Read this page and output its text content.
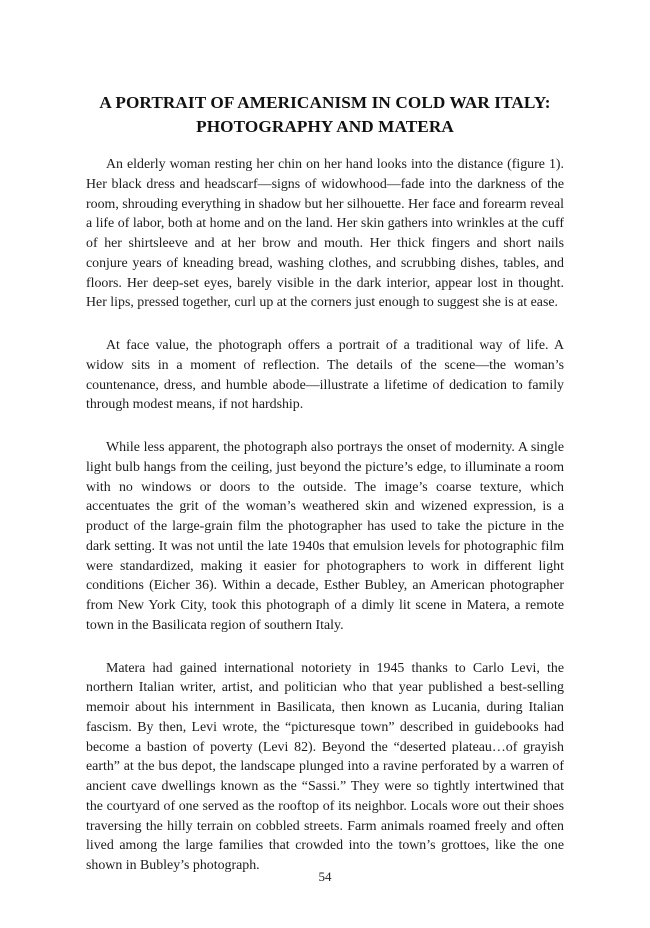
A PORTRAIT OF AMERICANISM IN COLD WAR ITALY:
PHOTOGRAPHY AND MATERA

An elderly woman resting her chin on her hand looks into the distance (figure 1). Her black dress and headscarf—signs of widowhood—fade into the darkness of the room, shrouding everything in shadow but her silhouette. Her face and forearm reveal a life of labor, both at home and on the land. Her skin gathers into wrinkles at the cuff of her shirtsleeve and at her brow and mouth. Her thick fingers and short nails conjure years of kneading bread, washing clothes, and scrubbing dishes, tables, and floors. Her deep-set eyes, barely visible in the dark interior, appear lost in thought. Her lips, pressed together, curl up at the corners just enough to suggest she is at ease.

At face value, the photograph offers a portrait of a traditional way of life. A widow sits in a moment of reflection. The details of the scene—the woman’s countenance, dress, and humble abode—illustrate a lifetime of dedication to family through modest means, if not hardship.

While less apparent, the photograph also portrays the onset of modernity. A single light bulb hangs from the ceiling, just beyond the picture’s edge, to illuminate a room with no windows or doors to the outside. The image’s coarse texture, which accentuates the grit of the woman’s weathered skin and wizened expression, is a product of the large-grain film the photographer has used to take the picture in the dark setting. It was not until the late 1940s that emulsion levels for photographic film were standardized, making it easier for photographers to work in different light conditions (Eicher 36). Within a decade, Esther Bubley, an American photographer from New York City, took this photograph of a dimly lit scene in Matera, a remote town in the Basilicata region of southern Italy.

Matera had gained international notoriety in 1945 thanks to Carlo Levi, the northern Italian writer, artist, and politician who that year published a best-selling memoir about his internment in Basilicata, then known as Lucania, during Italian fascism. By then, Levi wrote, the “picturesque town” described in guidebooks had become a bastion of poverty (Levi 82). Beyond the “deserted plateau…of grayish earth” at the bus depot, the landscape plunged into a ravine perforated by a warren of ancient cave dwellings known as the “Sassi.” They were so tightly intertwined that the courtyard of one served as the rooftop of its neighbor. Locals wore out their shoes traversing the hilly terrain on cobbled streets. Farm animals roamed freely and often lived among the large families that crowded into the town’s grottoes, like the one shown in Bubley’s photograph.

54
